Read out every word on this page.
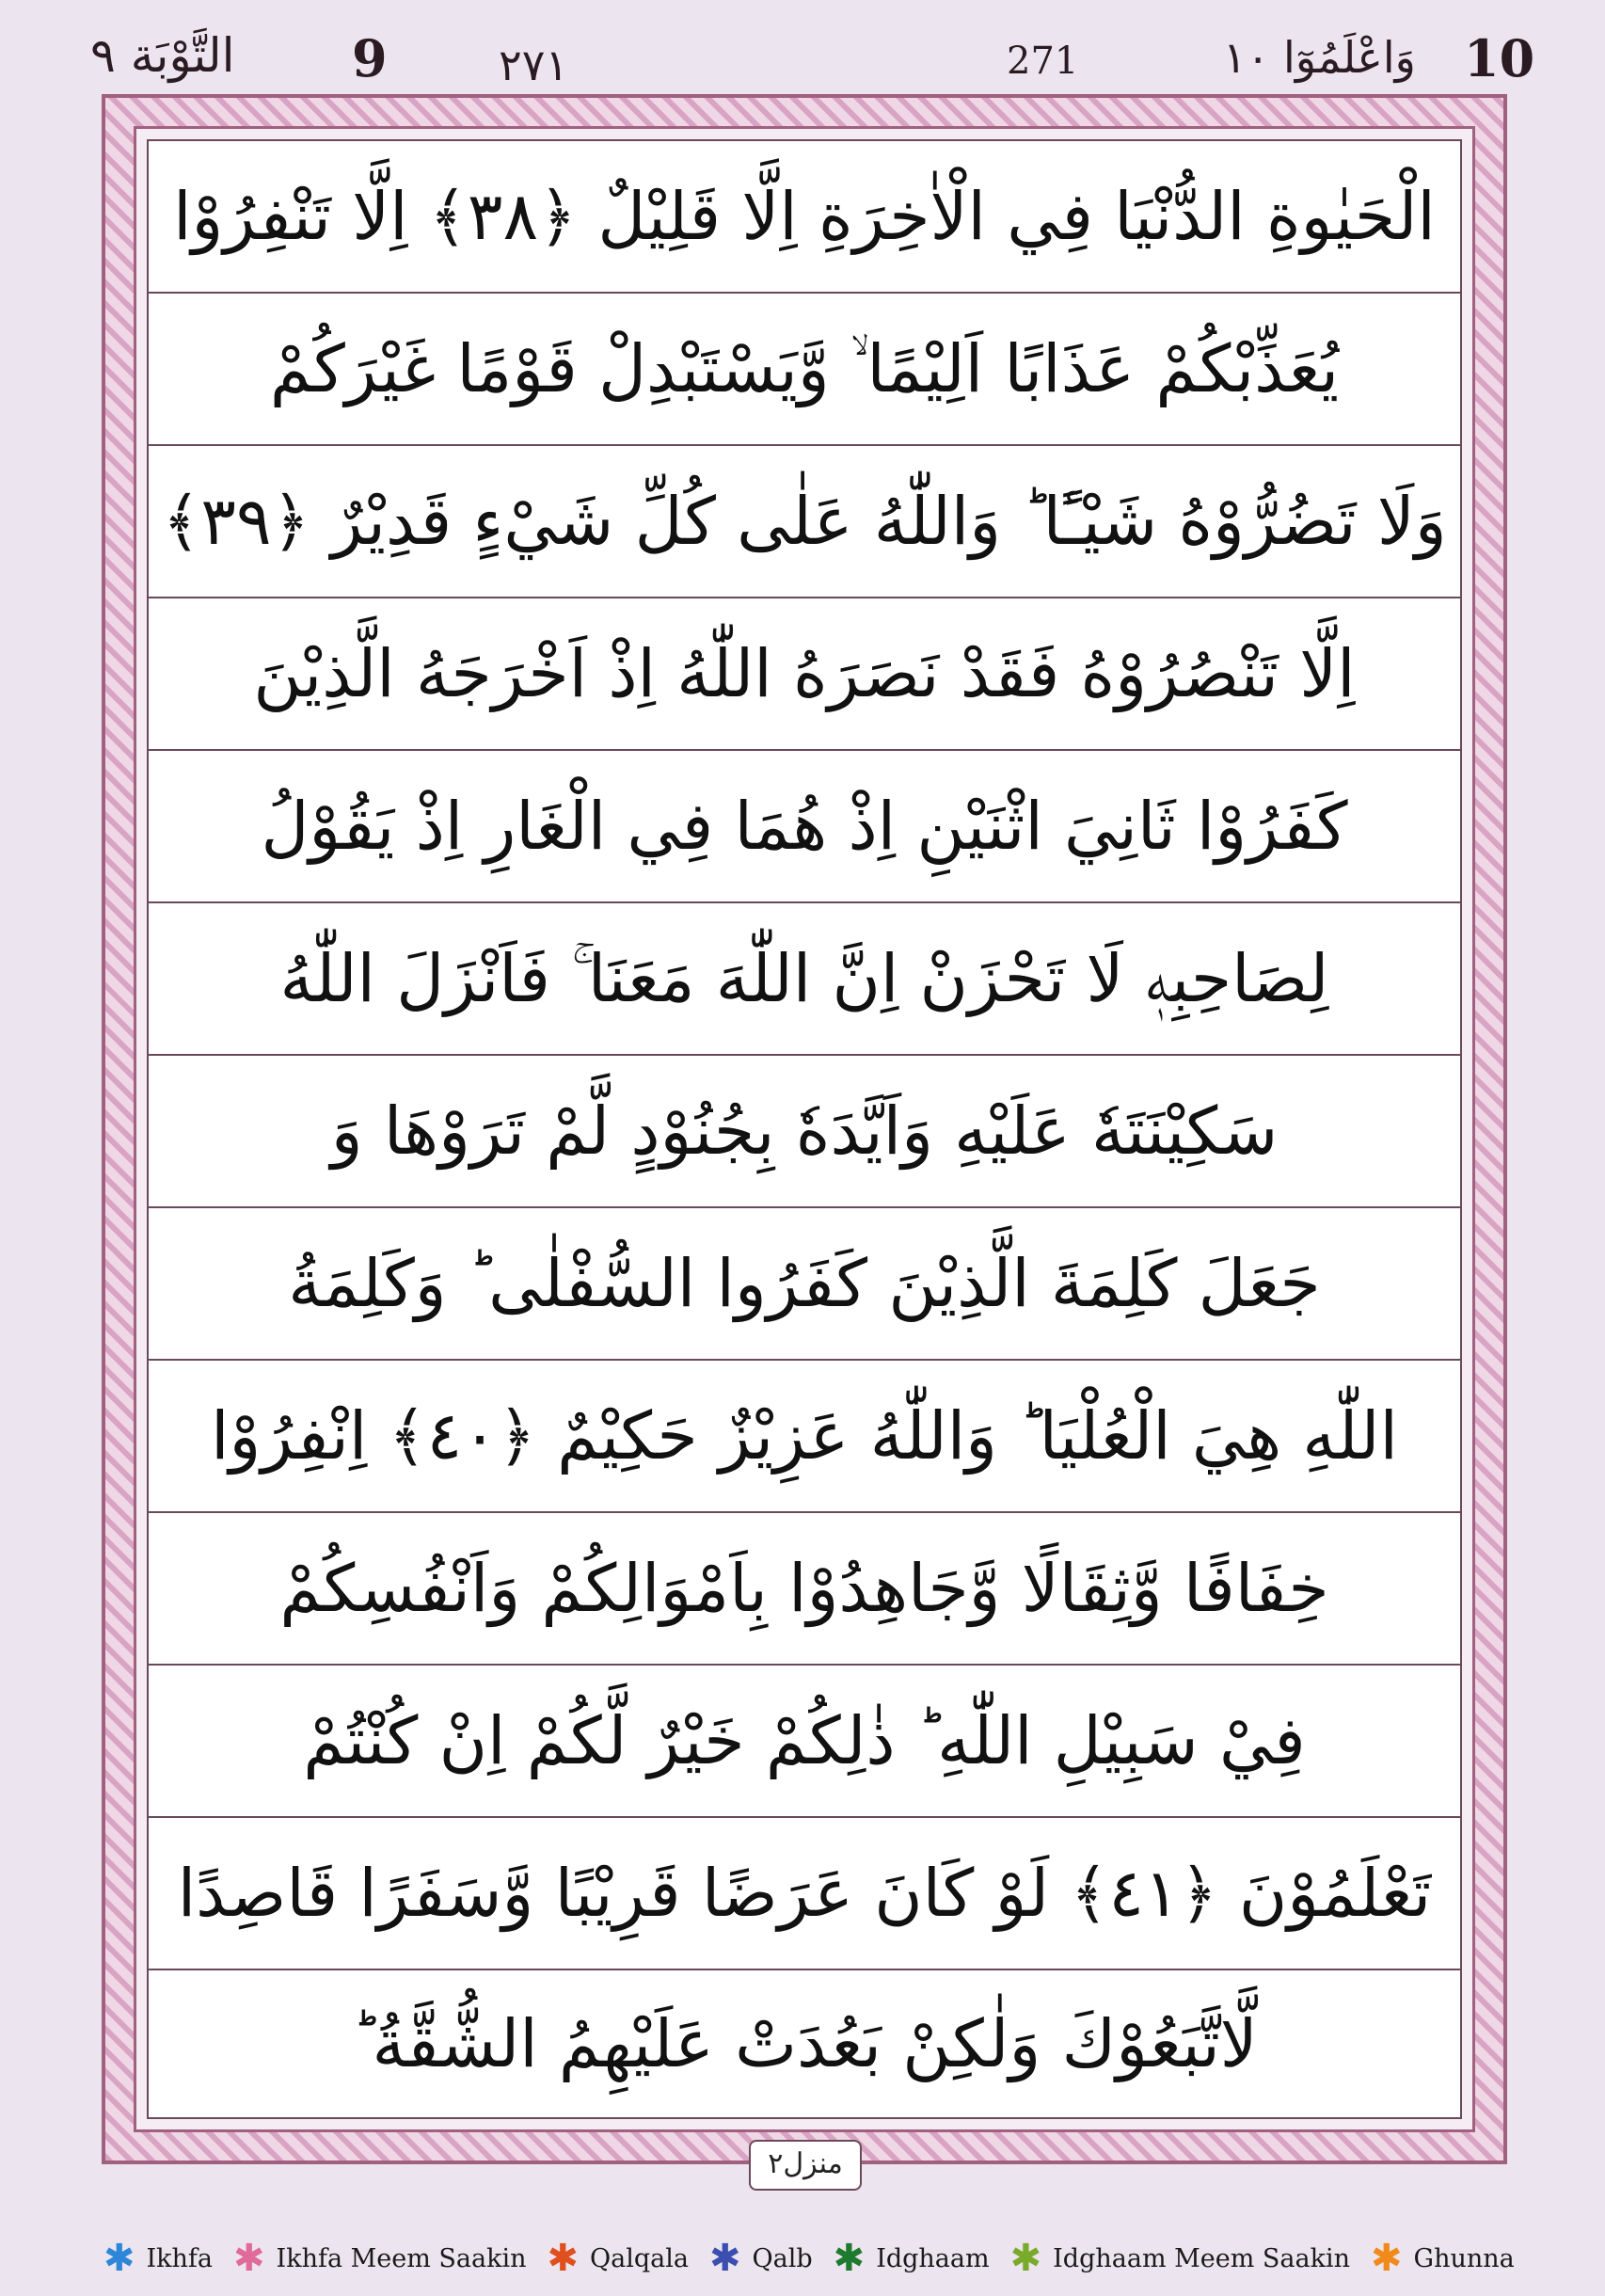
10
وَاعْلَمُوٓا ١٠
271
٢٧١
9
التَّوْبَة ٩
الْحَيٰوةِ الدُّنْيَا فِي الْاٰخِرَةِ اِلَّا قَلِيْلٌ ﴿٣٨﴾ اِلَّا تَنْفِرُوْا
يُعَذِّبْكُمْ عَذَابًا اَلِيْمًا ۙ وَّيَسْتَبْدِلْ قَوْمًا غَيْرَكُمْ
وَلَا تَضُرُّوْهُ شَيْـًٔا ؕ وَاللّٰهُ عَلٰى كُلِّ شَيْءٍ قَدِيْرٌ ﴿٣٩﴾
اِلَّا تَنْصُرُوْهُ فَقَدْ نَصَرَهُ اللّٰهُ اِذْ اَخْرَجَهُ الَّذِيْنَ
كَفَرُوْا ثَانِيَ اثْنَيْنِ اِذْ هُمَا فِي الْغَارِ اِذْ يَقُوْلُ
لِصَاحِبِهٖ لَا تَحْزَنْ اِنَّ اللّٰهَ مَعَنَا ۚ فَاَنْزَلَ اللّٰهُ
سَكِيْنَتَهٗ عَلَيْهِ وَاَيَّدَهٗ بِجُنُوْدٍ لَّمْ تَرَوْهَا وَ
جَعَلَ كَلِمَةَ الَّذِيْنَ كَفَرُوا السُّفْلٰى ؕ وَكَلِمَةُ
اللّٰهِ هِيَ الْعُلْيَا ؕ وَاللّٰهُ عَزِيْزٌ حَكِيْمٌ ﴿٤٠﴾ اِنْفِرُوْا
خِفَافًا وَّثِقَالًا وَّجَاهِدُوْا بِاَمْوَالِكُمْ وَاَنْفُسِكُمْ
فِيْ سَبِيْلِ اللّٰهِ ؕ ذٰلِكُمْ خَيْرٌ لَّكُمْ اِنْ كُنْتُمْ
تَعْلَمُوْنَ ﴿٤١﴾ لَوْ كَانَ عَرَضًا قَرِيْبًا وَّسَفَرًا قَاصِدًا
لَّاتَّبَعُوْكَ وَلٰكِنْ بَعُدَتْ عَلَيْهِمُ الشُّقَّةُ ؕ
منزل٢
✱ Ikhfa ✱ Ikhfa Meem Saakin ✱ Qalqala ✱ Qalb ✱ Idghaam ✱ Idghaam Meem Saakin ✱ Ghunna
